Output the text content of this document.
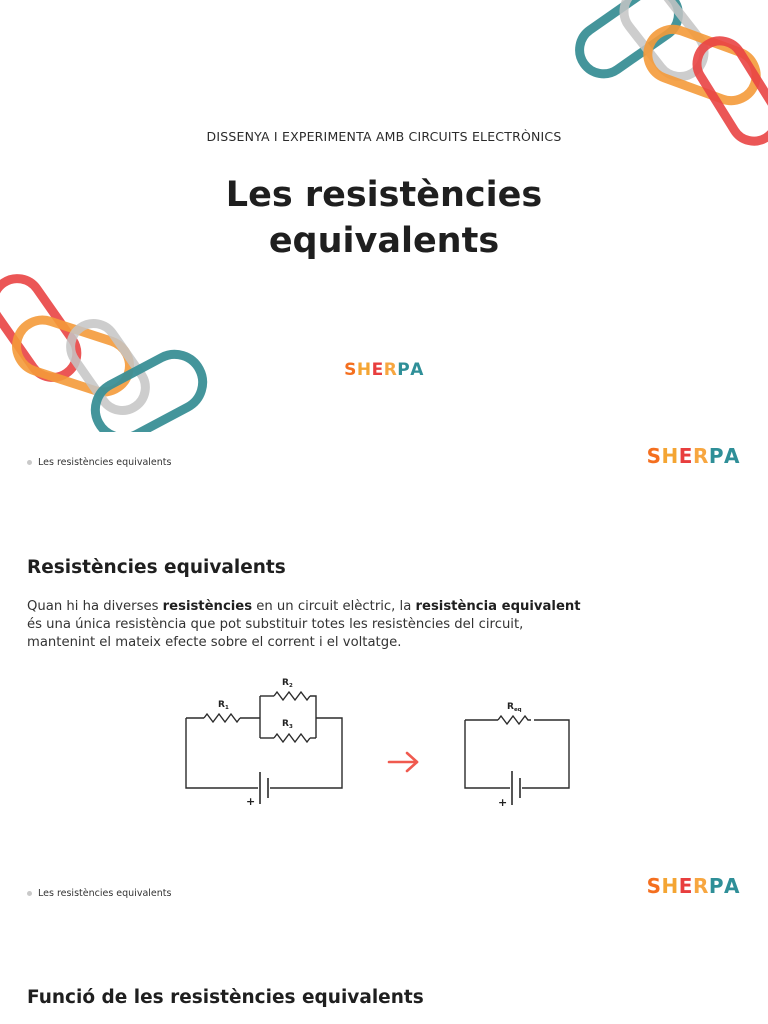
DISSENYA I EXPERIMENTA AMB CIRCUITS ELECTRÒNICS
Les resistències
equivalents
SHERPA
Les resistències equivalents	SHERPA
Resistències equivalents

Quan hi ha diverses resistències en un circuit elèctric, la resistència equivalent és una única resistència que pot substituir totes les resistències del circuit, mantenint el mateix efecte sobre el corrent i el voltatge.

$R_1$
$R_2$
$R_3$
+
$R_{eq}$
+
Les resistències equivalents	SHERPA
Funció de les resistències equivalents
